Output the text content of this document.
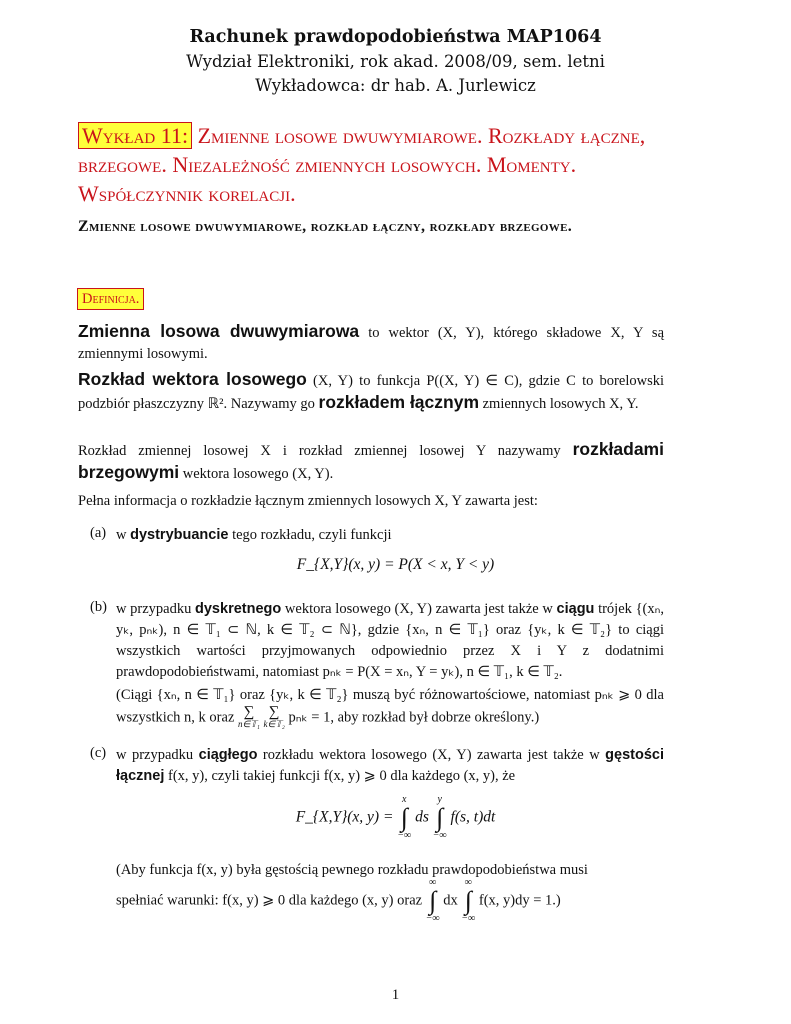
Rachunek prawdopodobieństwa MAP1064
Wydział Elektroniki, rok akad. 2008/09, sem. letni
Wykładowca: dr hab. A. Jurlewicz
Wykład 11: Zmienne losowe dwuwymiarowe. Rozkłady łączne, brzegowe. Niezależność zmiennych losowych. Momenty. Współczynnik korelacji.
Zmienne losowe dwuwymiarowe, rozkład łączny, rozkłady brzegowe.
Definicja.
Zmienna losowa dwuwymiarowa to wektor (X, Y), którego składowe X, Y są zmiennymi losowymi.
Rozkład wektora losowego (X, Y) to funkcja P((X, Y) ∈ C), gdzie C to borelowski podzbiór płaszczyzny ℝ². Nazywamy go rozkładem łącznym zmiennych losowych X, Y.
Rozkład zmiennej losowej X i rozkład zmiennej losowej Y nazywamy rozkładami brzegowymi wektora losowego (X, Y).
Pełna informacja o rozkładzie łącznym zmiennych losowych X, Y zawarta jest:
(a) w dystrybuancie tego rozkładu, czyli funkcji
F_{X,Y}(x, y) = P(X < x, Y < y)
(b) w przypadku dyskretnego wektora losowego (X, Y) zawarta jest także w ciągu trójek {(xₙ, yₖ, pₙₖ), n ∈ 𝕋₁ ⊂ ℕ, k ∈ 𝕋₂ ⊂ ℕ}, gdzie {xₙ, n ∈ 𝕋₁} oraz {yₖ, k ∈ 𝕋₂} to ciągi wszystkich wartości przyjmowanych odpowiednio przez X i Y z dodatnimi prawdopodobieństwami, natomiast pₙₖ = P(X = xₙ, Y = yₖ), n ∈ 𝕋₁, k ∈ 𝕋₂.
(Ciągi {xₙ, n ∈ 𝕋₁} oraz {yₖ, k ∈ 𝕋₂} muszą być różnowartościowe, natomiast pₙₖ ⩾ 0 dla wszystkich n, k oraz ∑
n∈𝕋₁

∑
k∈𝕋₂ pₙₖ = 1, aby rozkład był dobrze określony.)
(c) w przypadku ciągłego rozkładu wektora losowego (X, Y) zawarta jest także w gęstości łącznej f(x, y), czyli takiej funkcji f(x, y) ⩾ 0 dla każdego (x, y), że
F_{X,Y}(x, y) =
x
∫
−∞
ds
y
∫
−∞
f(s, t)dt
(Aby funkcja f(x, y) była gęstością pewnego rozkładu prawdopodobieństwa musi
spełniać warunki: f(x, y) ⩾ 0 dla każdego (x, y) oraz
∞
∫
−∞
dx
∞
∫
−∞
f(x, y)dy = 1.)
1
